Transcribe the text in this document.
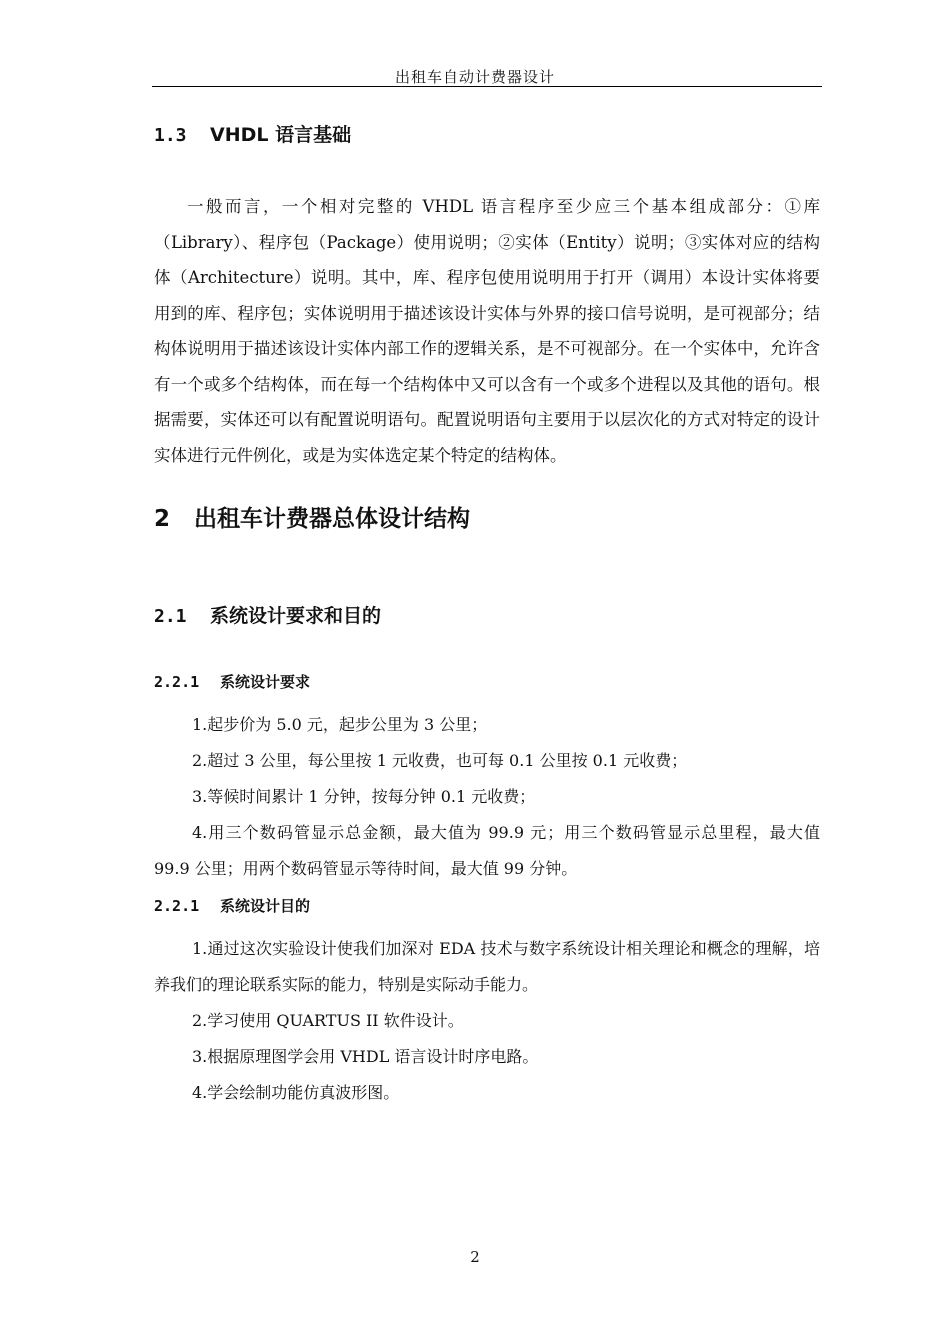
出租车自动计费器设计
1.3 VHDL 语言基础

一般而言，一个相对完整的 VHDL 语言程序至少应三个基本组成部分：①库（Library）、程序包（Package）使用说明；②实体（Entity）说明；③实体对应的结构体（Architecture）说明。其中，库、程序包使用说明用于打开（调用）本设计实体将要用到的库、程序包；实体说明用于描述该设计实体与外界的接口信号说明，是可视部分；结构体说明用于描述该设计实体内部工作的逻辑关系，是不可视部分。在一个实体中，允许含有一个或多个结构体，而在每一个结构体中又可以含有一个或多个进程以及其他的语句。根据需要，实体还可以有配置说明语句。配置说明语句主要用于以层次化的方式对特定的设计实体进行元件例化，或是为实体选定某个特定的结构体。

2 出租车计费器总体设计结构
2.1 系统设计要求和目的
2.2.1 系统设计要求

1.起步价为 5.0 元，起步公里为 3 公里；

2.超过 3 公里，每公里按 1 元收费，也可每 0.1 公里按 0.1 元收费；

3.等候时间累计 1 分钟，按每分钟 0.1 元收费；

4.用三个数码管显示总金额，最大值为 99.9 元；用三个数码管显示总里程，最大值 99.9 公里；用两个数码管显示等待时间，最大值 99 分钟。

2.2.1 系统设计目的

1.通过这次实验设计使我们加深对 EDA 技术与数字系统设计相关理论和概念的理解，培养我们的理论联系实际的能力，特别是实际动手能力。

2.学习使用 QUARTUS II 软件设计。

3.根据原理图学会用 VHDL 语言设计时序电路。

4.学会绘制功能仿真波形图。

2
